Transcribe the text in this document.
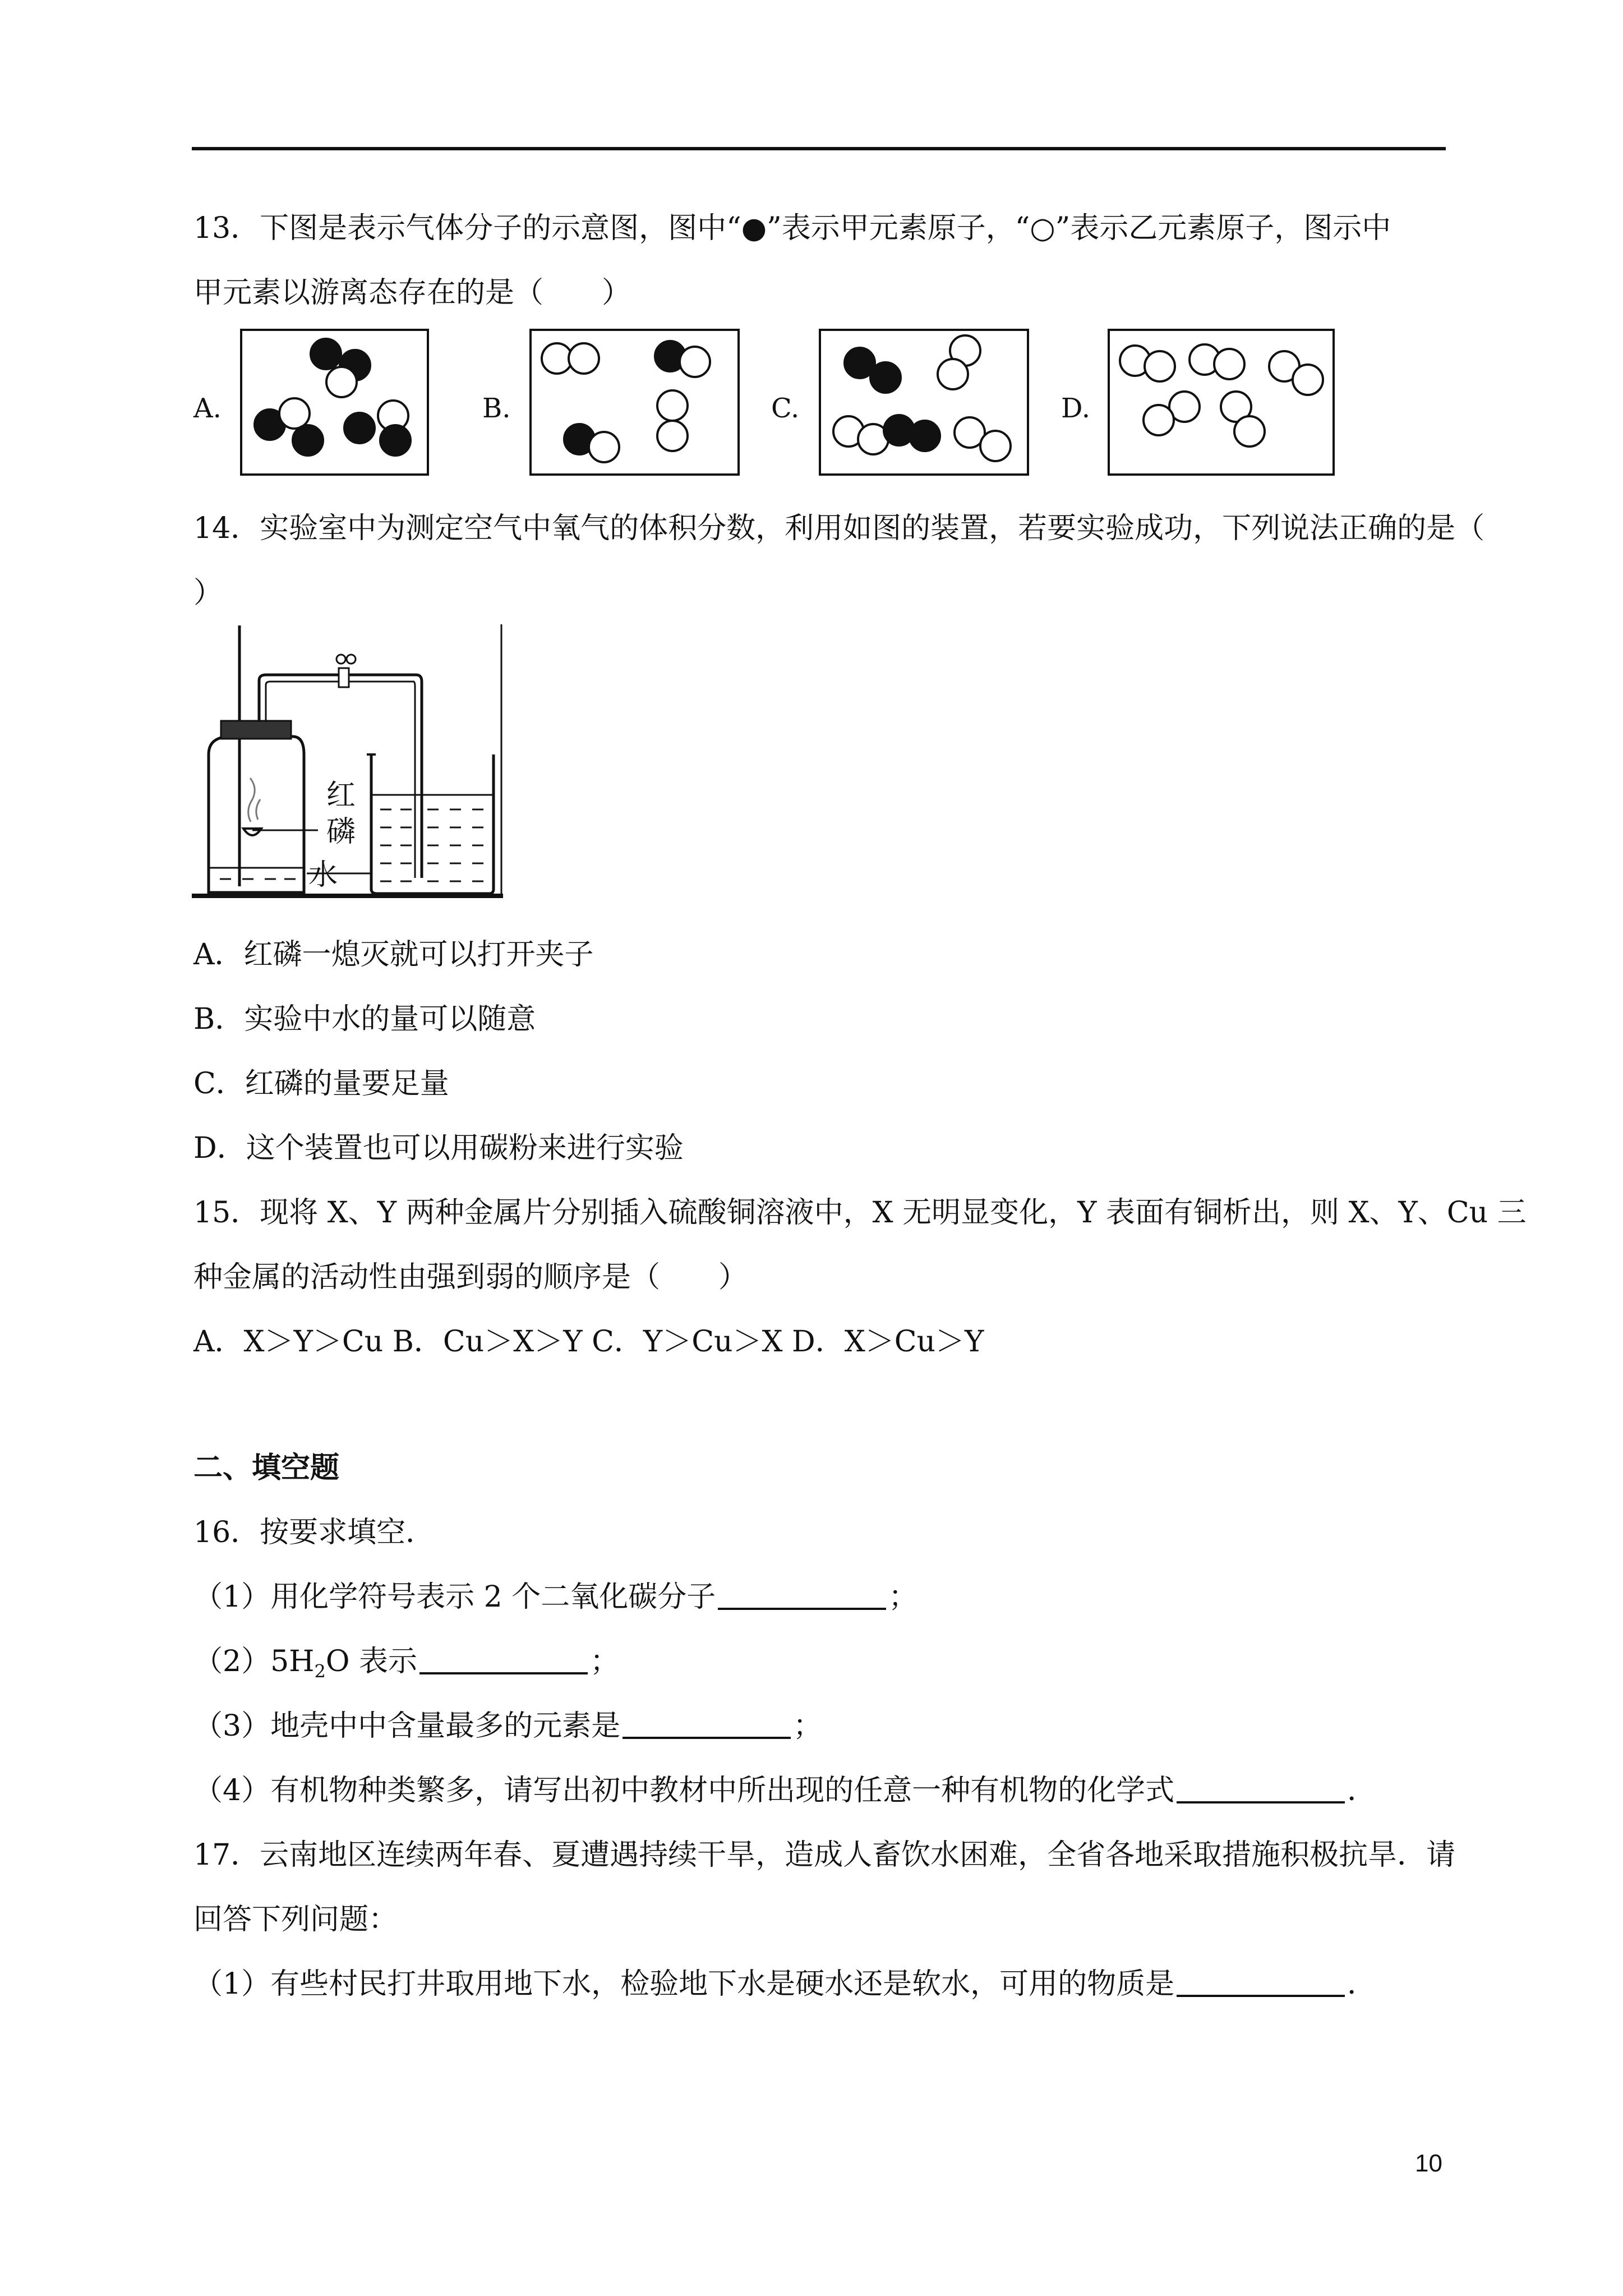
13．下图是表示气体分子的示意图，图中“●”表示甲元素原子，“○”表示乙元素原子，图示中
甲元素以游离态存在的是（　　）
A.	B.	C.	D.
14．实验室中为测定空气中氧气的体积分数，利用如图的装置，若要实验成功，下列说法正确的是（
）
红
磷
水
A．红磷一熄灭就可以打开夹子
B．实验中水的量可以随意
C．红磷的量要足量
D．这个装置也可以用碳粉来进行实验
15．现将 X、Y 两种金属片分别插入硫酸铜溶液中，X 无明显变化，Y 表面有铜析出，则 X、Y、Cu 三
种金属的活动性由强到弱的顺序是（　　）
A．X＞Y＞Cu B．Cu＞X＞Y C．Y＞Cu＞X D．X＞Cu＞Y
二、填空题
16．按要求填空．
（1）用化学符号表示 2 个二氧化碳分子	；
$(2)5H_2O$ 表示	；
（3）地壳中中含量最多的元素是	；
（4）有机物种类繁多，请写出初中教材中所出现的任意一种有机物的化学式	．
17．云南地区连续两年春、夏遭遇持续干旱，造成人畜饮水困难，全省各地采取措施积极抗旱．请
回答下列问题：
（1）有些村民打井取用地下水，检验地下水是硬水还是软水，可用的物质是	．
10
